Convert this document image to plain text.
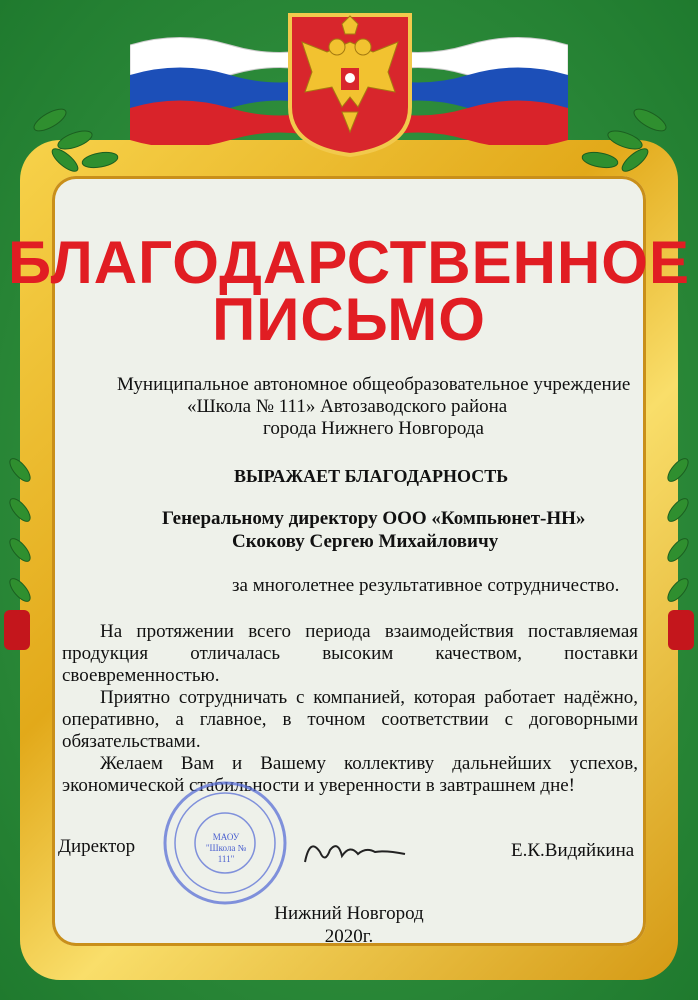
БЛАГОДАРСТВЕННОЕ
ПИСЬМО
Муниципальное автономное общеобразовательное учреждение
«Школа № 111» Автозаводского района
города Нижнего Новгорода
ВЫРАЖАЕТ БЛАГОДАРНОСТЬ
Генеральному директору ООО «Компьюнет-НН»
Скокову Сергею Михайловичу
за многолетнее результативное сотрудничество.
На протяжении всего периода взаимодействия поставляемая
продукция отличалась высоким качеством, поставки
своевременностью.
Приятно сотрудничать с компанией, которая работает надёжно,
оперативно, а главное, в точном соответствии с договорными
обязательствами.
Желаем Вам и Вашему коллективу дальнейших успехов,
экономической стабильности и уверенности в завтрашнем дне!
МАОУ "Школа № 111"
Директор	Е.К.Видяйкина
Нижний Новгород
2020г.
